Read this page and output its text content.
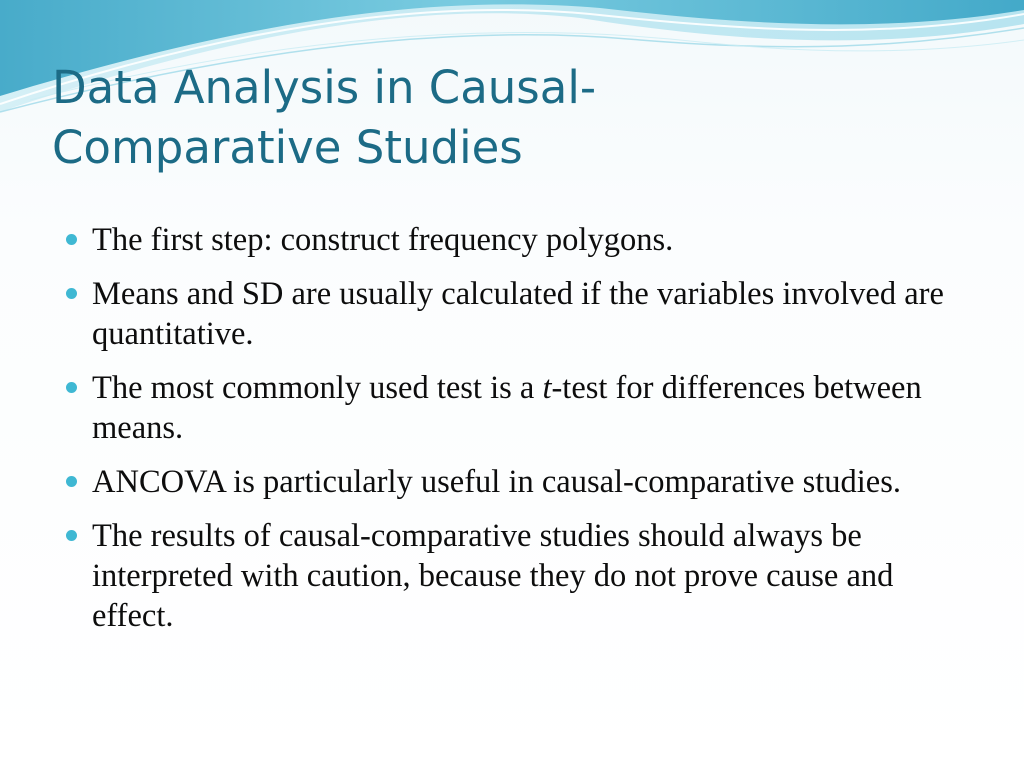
Data Analysis in Causal-
Comparative Studies
The first step: construct frequency polygons.
Means and SD are usually calculated if the variables involved are quantitative.
The most commonly used test is a t-test for differences between means.
ANCOVA is particularly useful in causal-comparative studies.
The results of causal-comparative studies should always be interpreted with caution, because they do not prove cause and effect.
